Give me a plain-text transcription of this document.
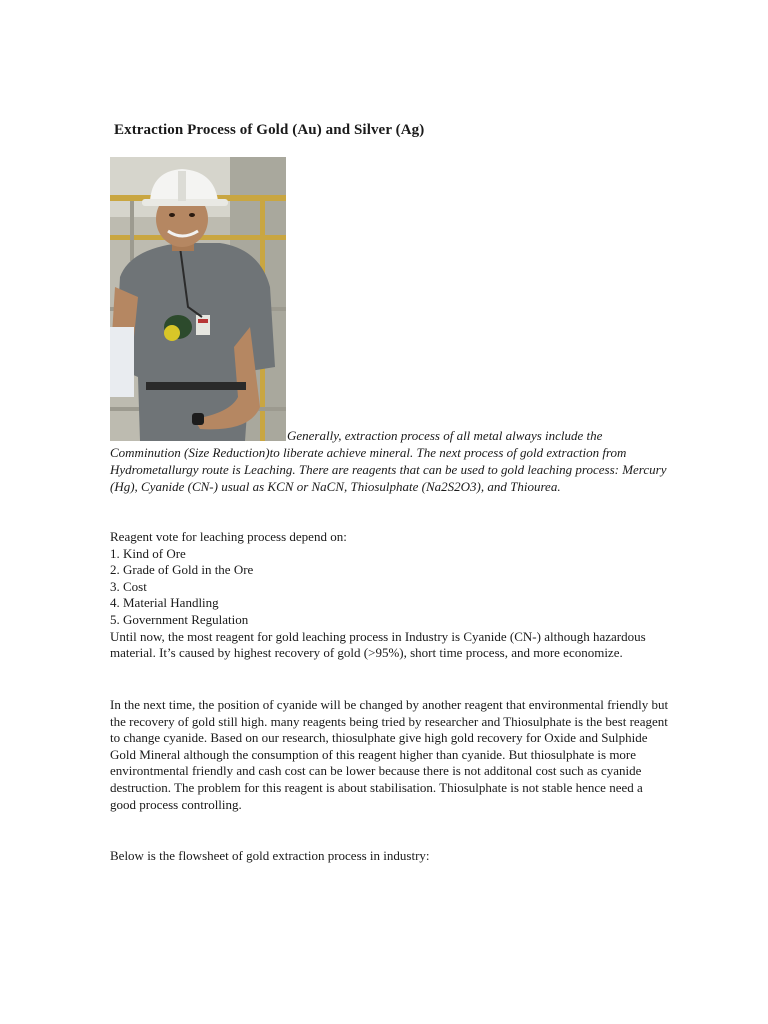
Extraction Process of Gold (Au) and Silver (Ag)
Generally, extraction process of all metal always include the Comminution (Size Reduction)to liberate achieve mineral. The next process of gold extraction from Hydrometallurgy route is Leaching. There are reagents that can be used to gold leaching process: Mercury (Hg), Cyanide (CN-) usual as KCN or NaCN, Thiosulphate (Na2S2O3), and Thiourea.

Reagent vote for leaching process depend on:

1. Kind of Ore
2. Grade of Gold in the Ore
3. Cost
4. Material Handling
5. Government Regulation

Until now, the most reagent for gold leaching process in Industry is Cyanide (CN-) although hazardous material. It’s caused by highest recovery of gold (>95%), short time process, and more economize.

In the next time, the position of cyanide will be changed by another reagent that environmental friendly but the recovery of gold still high. many reagents being tried by researcher and Thiosulphate is the best reagent to change cyanide. Based on our research, thiosulphate give high gold recovery for Oxide and Sulphide Gold Mineral although the consumption of this reagent higher than cyanide. But thiosulphate is more environtmental friendly and cash cost can be lower because there is not additonal cost such as cyanide destruction. The problem for this reagent is about stabilisation. Thiosulphate is not stable hence need a good process controlling.
Below is the flowsheet of gold extraction process in industry:
